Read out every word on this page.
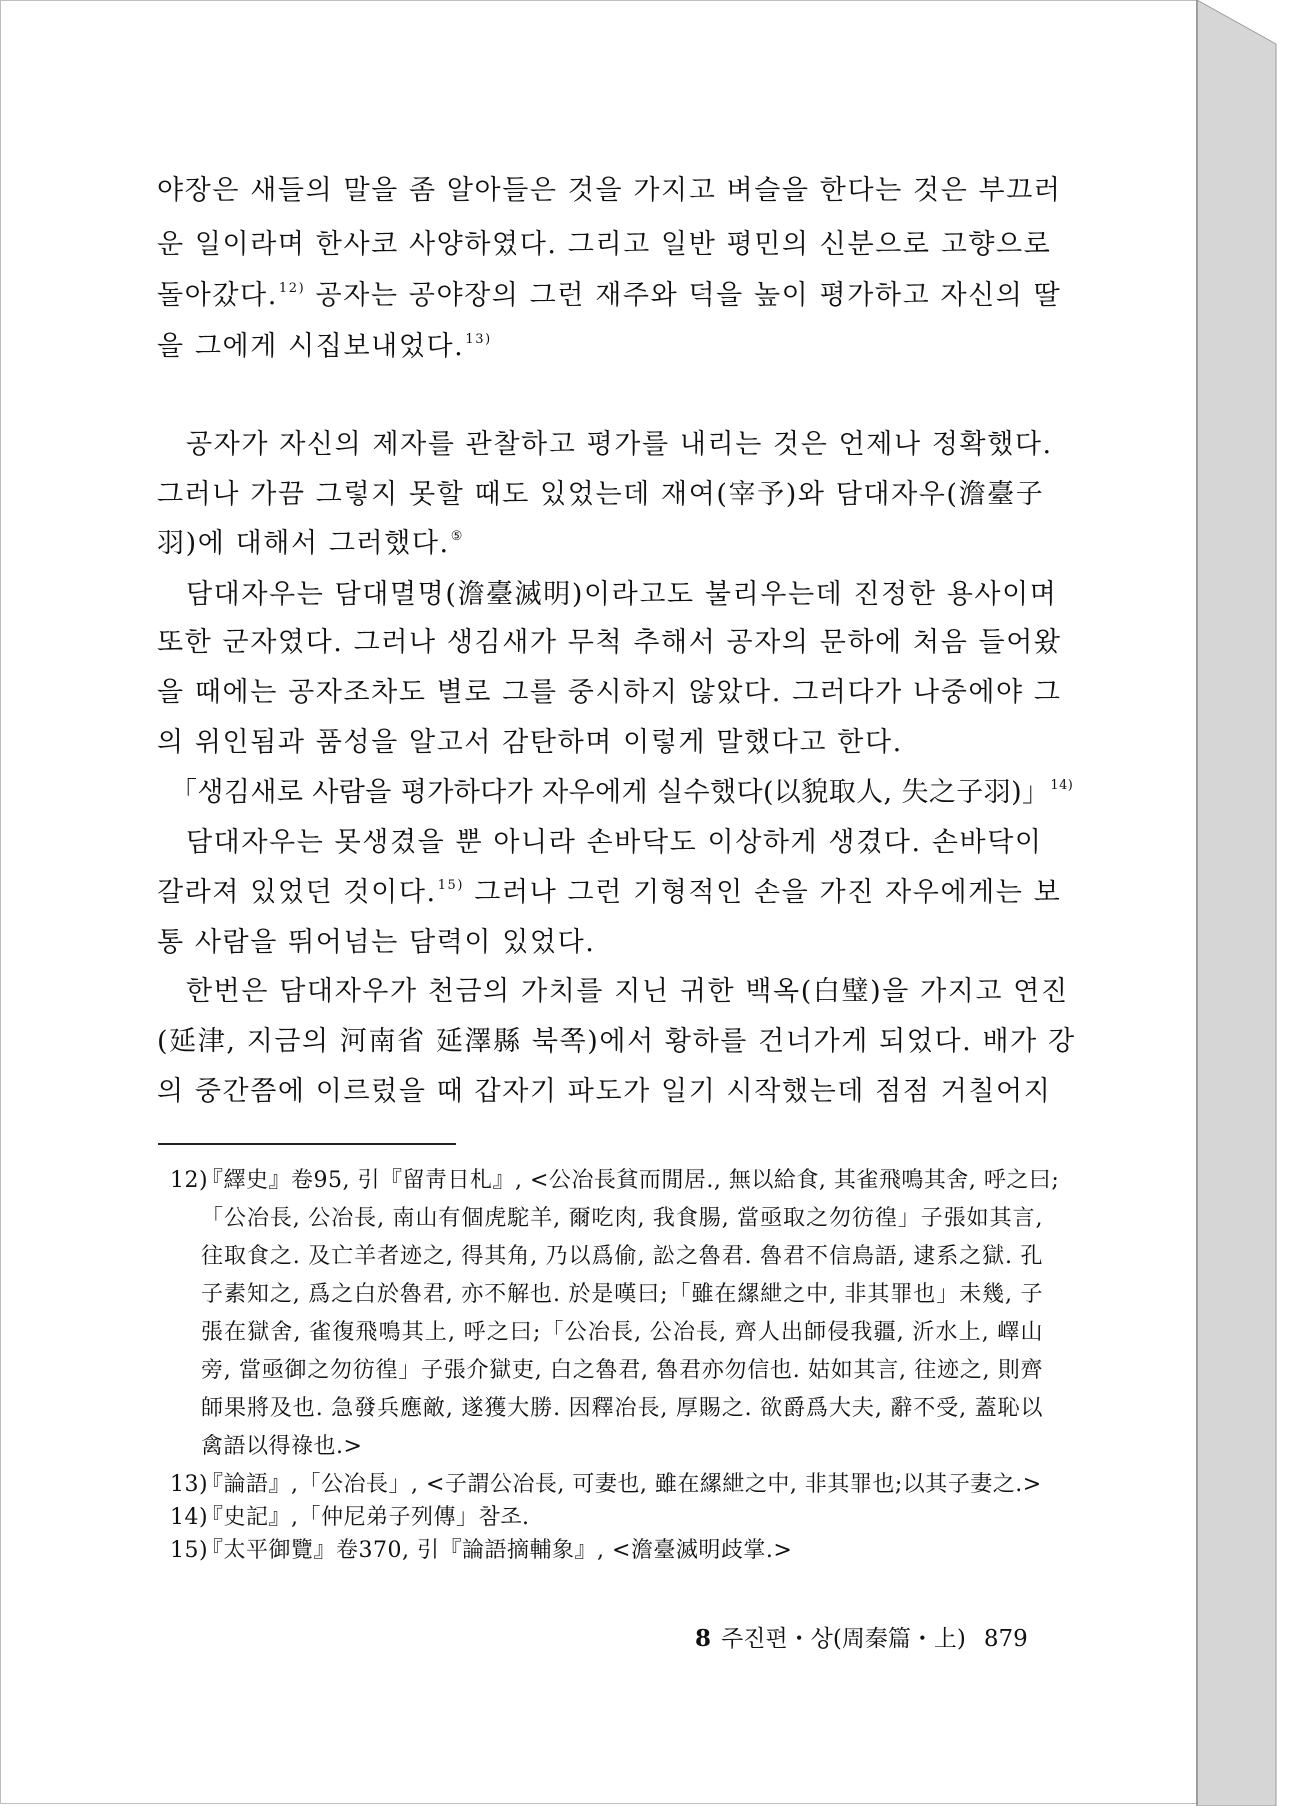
야장은 새들의 말을 좀 알아들은 것을 가지고 벼슬을 한다는 것은 부끄러
운 일이라며 한사코 사양하였다. 그리고 일반 평민의 신분으로 고향으로
돌아갔다.$^{12)}$ 공자는 공야장의 그런 재주와 덕을 높이 평가하고 자신의 딸
을 그에게 시집보내었다.$^{13)}$
공자가 자신의 제자를 관찰하고 평가를 내리는 것은 언제나 정확했다.
그러나 가끔 그렇지 못할 때도 있었는데 재여(宰予)와 담대자우(澹臺子
羽)에 대해서 그러했다.⑤
담대자우는 담대멸명(澹臺滅明)이라고도 불리우는데 진정한 용사이며
또한 군자였다. 그러나 생김새가 무척 추해서 공자의 문하에 처음 들어왔
을 때에는 공자조차도 별로 그를 중시하지 않았다. 그러다가 나중에야 그
의 위인됨과 품성을 알고서 감탄하며 이렇게 말했다고 한다.
「생김새로 사람을 평가하다가 자우에게 실수했다(以貌取人, 失之子羽)」$^{14)}$
담대자우는 못생겼을 뿐 아니라 손바닥도 이상하게 생겼다. 손바닥이
갈라져 있었던 것이다.$^{15)}$ 그러나 그런 기형적인 손을 가진 자우에게는 보
통 사람을 뛰어넘는 담력이 있었다.
한번은 담대자우가 천금의 가치를 지닌 귀한 백옥(白璧)을 가지고 연진
(延津, 지금의 河南省 延澤縣 북쪽)에서 황하를 건너가게 되었다. 배가 강
의 중간쯤에 이르렀을 때 갑자기 파도가 일기 시작했는데 점점 거칠어지
12)
『繹史』卷95, 引『留靑日札』, <公冶長貧而閒居., 無以給食, 其雀飛鳴其舍, 呼之曰;
「公冶長, 公冶長, 南山有個虎駝羊, 爾吃肉, 我食腸, 當亟取之勿彷徨」子張如其言,
往取食之. 及亡羊者迹之, 得其角, 乃以爲偷, 訟之魯君. 魯君不信鳥語, 逮系之獄. 孔
子素知之, 爲之白於魯君, 亦不解也. 於是嘆曰;「雖在縲紲之中, 非其罪也」未幾, 子
張在獄舍, 雀復飛鳴其上, 呼之曰;「公冶長, 公冶長, 齊人出師侵我疆, 沂水上, 嶧山
旁, 當亟御之勿彷徨」子張介獄吏, 白之魯君, 魯君亦勿信也. 姑如其言, 往迹之, 則齊
師果將及也. 急發兵應敵, 遂獲大勝. 因釋冶長, 厚賜之. 欲爵爲大夫, 辭不受, 蓋恥以
禽語以得祿也.>
13)
『論語』,「公冶長」, <子謂公冶長, 可妻也, 雖在縲紲之中, 非其罪也;以其子妻之.>
14)
『史記』,「仲尼弟子列傳」참조.
15)
『太平御覽』卷370, 引『論語摘輔象』, <澹臺滅明歧掌.>
8 주진편・상(周秦篇・上) 879
